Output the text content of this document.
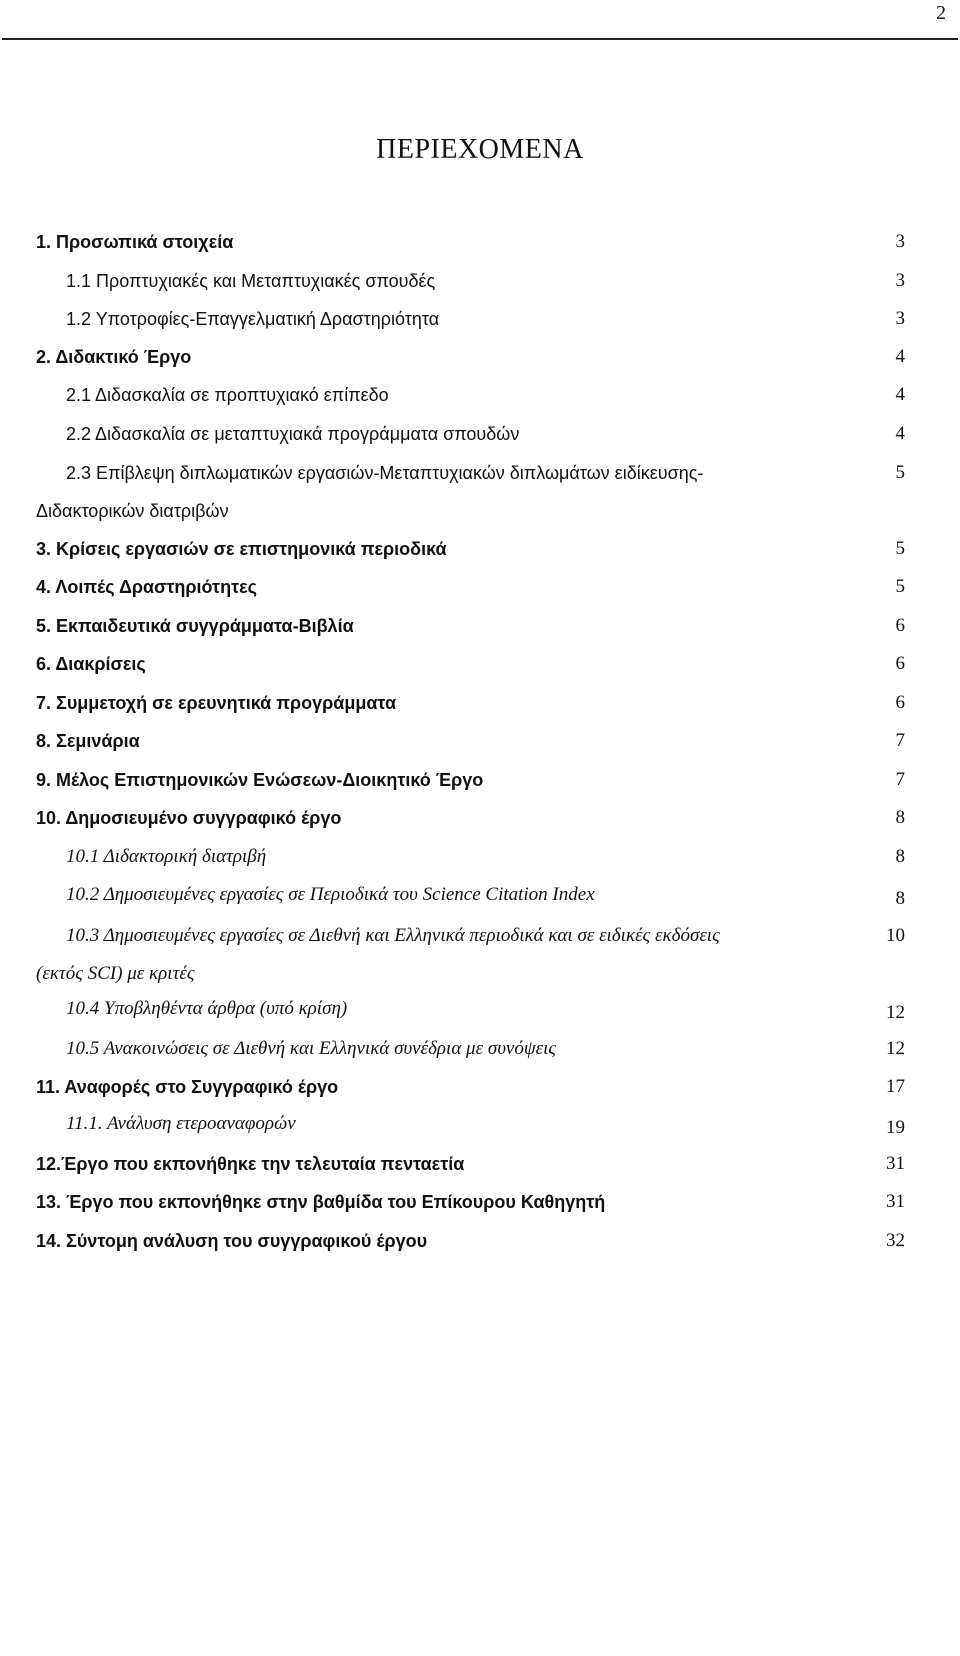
2
ΠΕΡΙΕΧΟΜΕΝΑ
1. Προσωπικά στοιχεία	3
1.1 Προπτυχιακές και Μεταπτυχιακές σπουδές	3
1.2 Υποτροφίες-Επαγγελματική Δραστηριότητα	3
2. Διδακτικό Έργο	4
2.1 Διδασκαλία σε προπτυχιακό επίπεδο	4
2.2 Διδασκαλία σε μεταπτυχιακά προγράμματα σπουδών	4
2.3 Επίβλεψη διπλωματικών εργασιών-Μεταπτυχιακών διπλωμάτων ειδίκευσης-	5
Διδακτορικών διατριβών
3. Κρίσεις εργασιών σε επιστημονικά περιοδικά	5
4. Λοιπές Δραστηριότητες	5
5. Εκπαιδευτικά συγγράμματα-Βιβλία	6
6. Διακρίσεις	6
7. Συμμετοχή σε ερευνητικά προγράμματα	6
8. Σεμινάρια	7
9. Μέλος Επιστημονικών Ενώσεων-Διοικητικό Έργο	7
10. Δημοσιευμένο συγγραφικό έργο	8
10.1 Διδακτορική διατριβή	8
10.2 Δημοσιευμένες εργασίες σε Περιοδικά του Science Citation Index	8
10.3 Δημοσιευμένες εργασίες σε Διεθνή και Ελληνικά περιοδικά και σε ειδικές εκδόσεις	10
(εκτός SCI) με κριτές
10.4 Υποβληθέντα άρθρα (υπό κρίση)	12
10.5 Ανακοινώσεις σε Διεθνή και Ελληνικά συνέδρια με συνόψεις	12
11. Αναφορές στο Συγγραφικό έργο	17
11.1. Ανάλυση ετεροαναφορών	19
12.Έργο που εκπονήθηκε την τελευταία πενταετία	31
13. Έργο που εκπονήθηκε στην βαθμίδα του Επίκουρου Καθηγητή	31
14. Σύντομη ανάλυση του συγγραφικού έργου	32
